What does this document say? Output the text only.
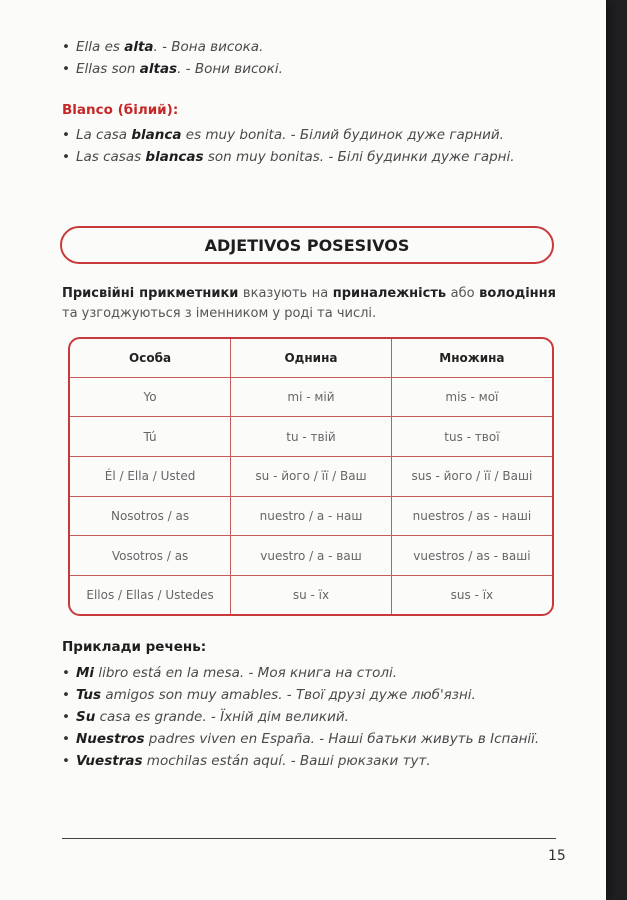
• Ella es alta. - Вона висока.
• Ellas son altas. - Вони високі.

Blanco (білий):

• La casa blanca es muy bonita. - Білий будинок дуже гарний.
• Las casas blancas son muy bonitas. - Білі будинки дуже гарні.
ADJETIVOS POSESIVOS

Присвійні прикметники вказують на приналежність або володіння та узгоджуються з іменником у роді та числі.

Особа	Однина	Множина
Yo	mi - мій	mis - мої
Tú	tu - твій	tus - твої
Él / Ella / Usted	su - його / її / Ваш	sus - його / її / Ваші
Nosotros / as	nuestro / a - наш	nuestros / as - наші
Vosotros / as	vuestro / a - ваш	vuestros / as - ваші
Ellos / Ellas / Ustedes	su - їх	sus - їх

Приклади речень:

• Mi libro está en la mesa. - Моя книга на столі.
• Tus amigos son muy amables. - Твої друзі дуже люб'язні.
• Su casa es grande. - Їхній дім великий.
• Nuestros padres viven en España. - Наші батьки живуть в Іспанії.
• Vuestras mochilas están aquí. - Ваші рюкзаки тут.
15
